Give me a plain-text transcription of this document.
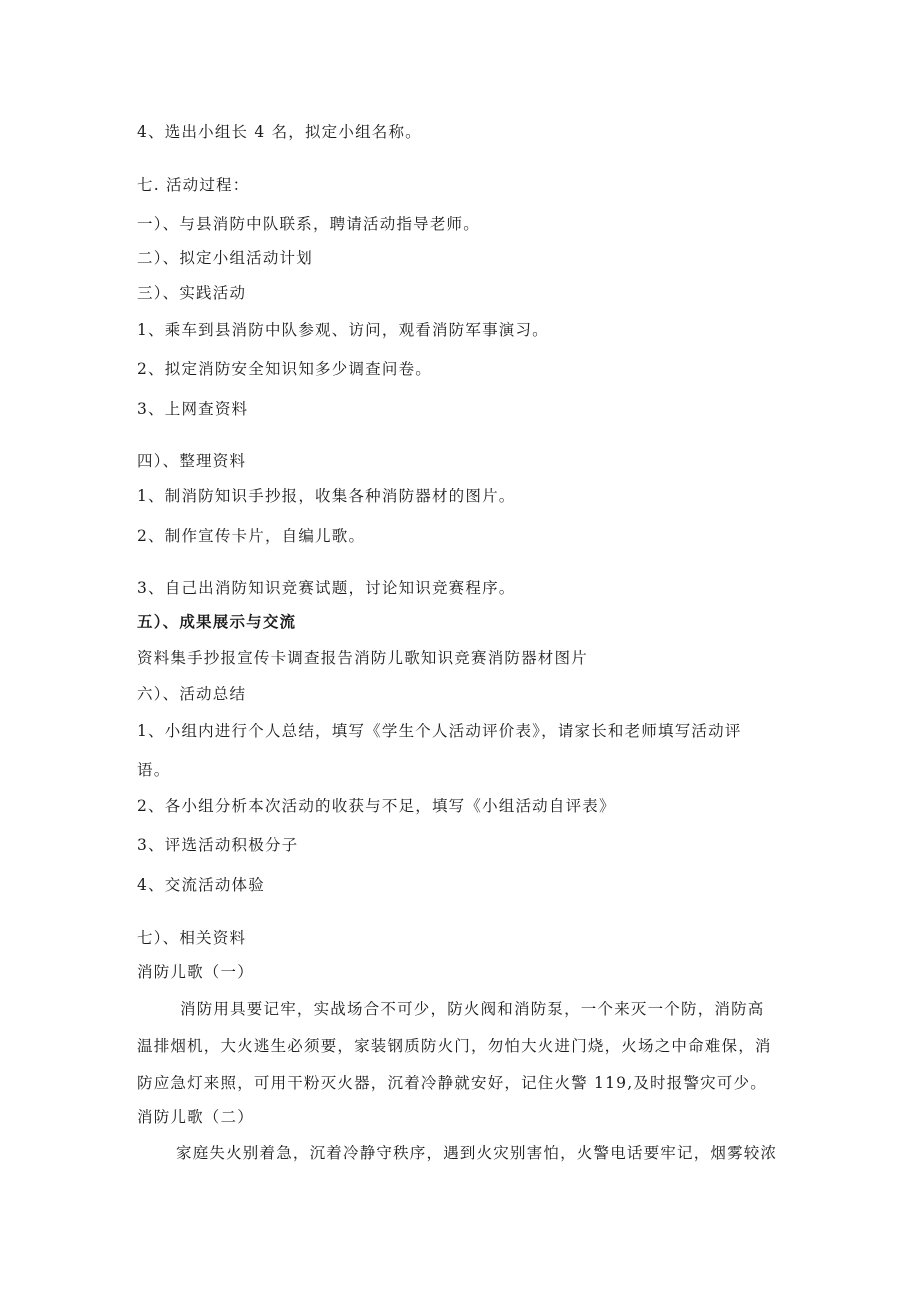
4、选出小组长 4 名，拟定小组名称。
七. 活动过程：
一）、与县消防中队联系，聘请活动指导老师。
二）、拟定小组活动计划
三）、实践活动
1、乘车到县消防中队参观、访问，观看消防军事演习。
2、拟定消防安全知识知多少调查问卷。
3、上网查资料
四）、整理资料
1、制消防知识手抄报，收集各种消防器材的图片。
2、制作宣传卡片，自编儿歌。
3、自己出消防知识竞赛试题，讨论知识竞赛程序。
五）、成果展示与交流
资料集手抄报宣传卡调查报告消防儿歌知识竞赛消防器材图片
六）、活动总结
1、小组内进行个人总结，填写《学生个人活动评价表》，请家长和老师填写活动评
语。
2、各小组分析本次活动的收获与不足，填写《小组活动自评表》
3、评选活动积极分子
4、交流活动体验
七）、相关资料
消防儿歌（一）
消防用具要记牢，实战场合不可少，防火阀和消防泵，一个来灭一个防，消防高
温排烟机，大火逃生必须要，家装钢质防火门，勿怕大火进门烧，火场之中命难保，消
防应急灯来照，可用干粉灭火器，沉着冷静就安好，记住火警 119,及时报警灾可少。
消防儿歌（二）
家庭失火别着急，沉着冷静守秩序，遇到火灾别害怕，火警电话要牢记，烟雾较浓
